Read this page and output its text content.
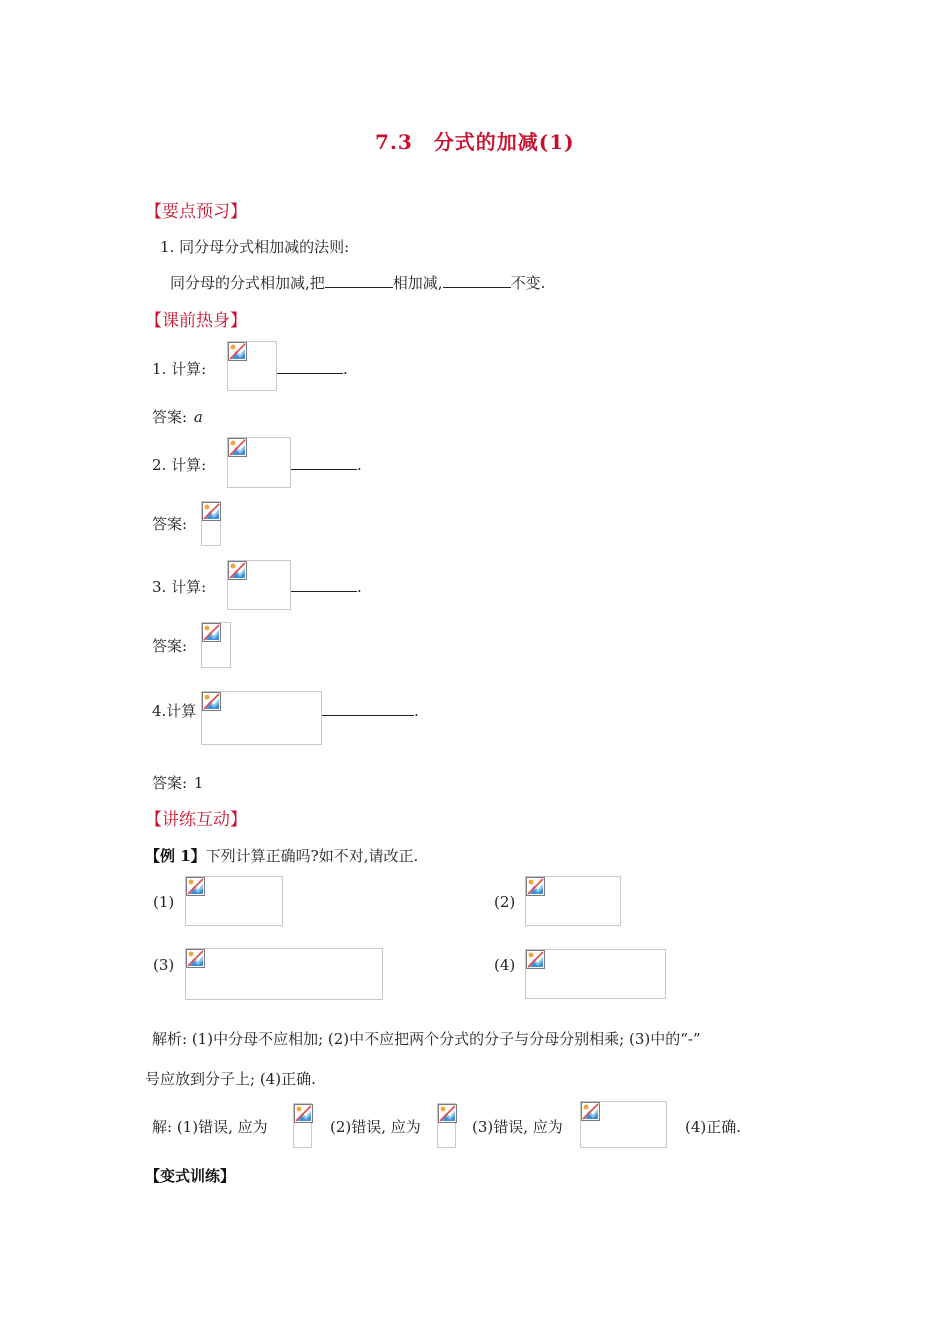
7.3　分式的加减(1)
【要点预习】
1. 同分母分式相加减的法则:
同分母的分式相加减,把	相加减,	不变.
【课前热身】
1. 计算:	.
答案: a
2. 计算:	.
答案:
3. 计算:	.
答案:
4.计算	.
答案: 1
【讲练互动】
【例 1】下列计算正确吗?如不对,请改正.
(1)	(2)
(3)	(4)
解析: (1)中分母不应相加; (2)中不应把两个分式的分子与分母分别相乘; (3)中的“-”
号应放到分子上; (4)正确.
解: (1)错误, 应为	(2)错误, 应为	(3)错误, 应为	(4)正确.
【变式训练】
